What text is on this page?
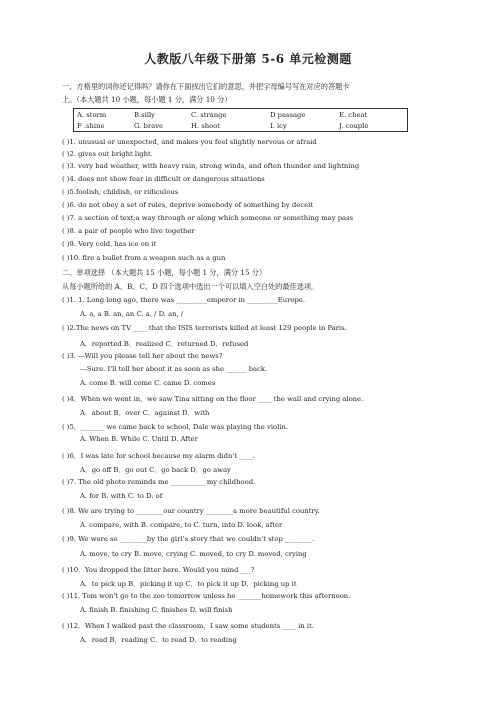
人教版八年级下册第 5-6 单元检测题
一、方格里的词你还记得吗？请你在下面找出它们的意思，并把字母编号写在对应的答题卡
上。（本大题共 10 小题，每小题 1 分，满分 10 分）
A. storm	B.silly	C. strange	D passage	E. cheat
F .shine	G. brave	H. shoot	I. icy	J. couple
( )1. unusual or unexpected, and makes you feel slightly nervous or afraid
( )2. gives out bright light.
( )3. very bad weather, with heavy rain, strong winds, and often thunder and lightning
( )4. does not show fear in difficult or dangerous situations
( )5.foolish, childish, or ridiculous
( )6. do not obey a set of rules, deprive somebody of something by deceit
( )7. a section of text;a way through or along which someone or something may pass
( )8. a pair of people who live together
( )9. Very cold, has ice on it
( )10. fire a bullet from a weapon such as a gun
二、单项选择 （本大题共 15 小题，每小题 1 分，满分 15 分）
从每小题所给的 A、B、C、D 四个选项中选出一个可以填入空白处的最佳选项。
( )1. 1. Long long ago, there was _________emperor in _________Europe.
A. a, a B. an, an C. a, / D. an, /
( )2.The news on TV ____ that the ISIS terrorists killed at least 129 people in Paris.
A．reported B．realized C．returned D．refused
( )3. ---Will you please tell her about the news?
---Sure. I'll tell her about it as soon as she ______ back.
A. come B. will come C. came D. comes
( )4．When we went in，we saw Tina sitting on the floor ____ the wall and crying alone.
A．about B．over C．against D．with
( )5．_______ we came back to school, Dale was playing the violin.
A. When B. While C. Until D. After
( )6．I was late for school because my alarm didn't ____.
A．go off B．go out C．go back D．go away
( )7. The old photo reminds me __________ my childhood.
A. for B. with C. to D. of
( )8. We are trying to ________our country ________a more beautiful country.
A. compare, with B. compare, to C. turn, into D. look, after
( )9. We were so ________by the girl’s story that we couldn’t stop ________.
A. move, to cry B. move, crying C. moved, to cry D. moved, crying
( )10．You dropped the litter here. Would you mind ___?
A．to pick up B．picking it up C．to pick it up D．picking up it
( )11. Tom won't go to the zoo tomorrow unless he _______homework this afternoon.
A. finish B. finishing C. finishes D. will finish
( )12．When I walked past the classroom，I saw some students ____ in it.
A．read B．reading C．to read D．to reading
